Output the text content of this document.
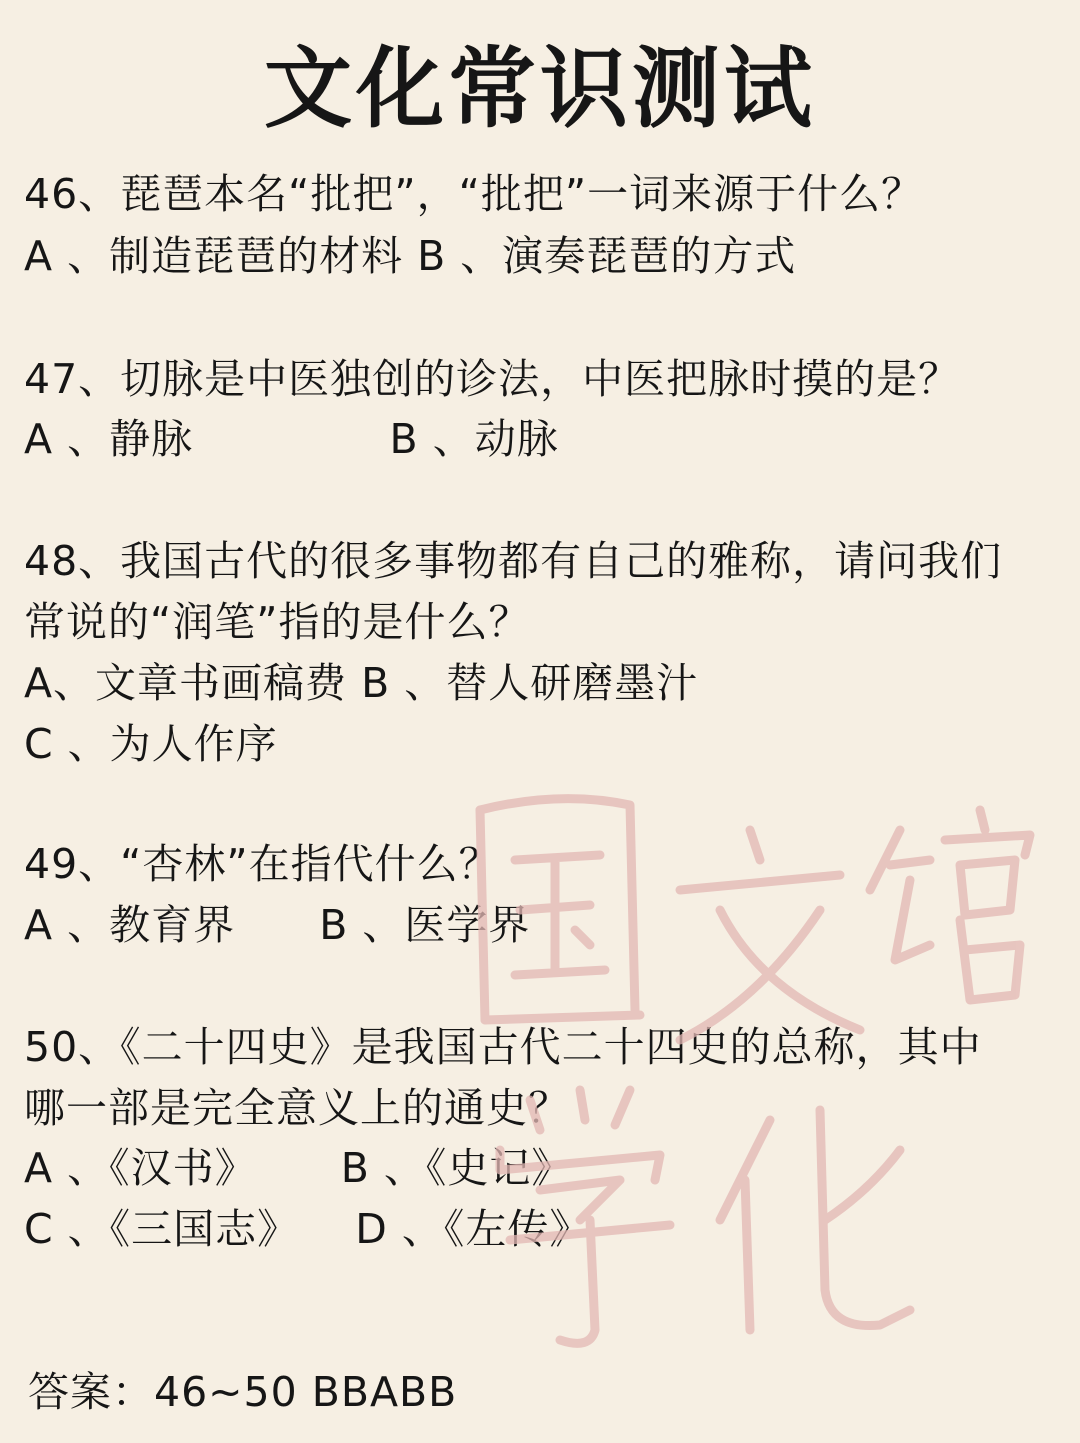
文化常识测试
46、琵琶本名“批把”，“批把”一词来源于什么？
A 、制造琵琶的材料 B 、演奏琵琶的方式
47、切脉是中医独创的诊法，中医把脉时摸的是？
A 、静脉              B 、动脉
48、我国古代的很多事物都有自己的雅称，请问我们
常说的“润笔”指的是什么？
A、文章书画稿费 B 、替人研磨墨汁
C 、为人作序
49、“杏林”在指代什么？
A 、教育界      B 、医学界
50、《二十四史》是我国古代二十四史的总称，其中
哪一部是完全意义上的通史？
A 、《汉书》      B 、《史记》
C 、《三国志》    D 、《左传》
答案：46~50 BBABB
